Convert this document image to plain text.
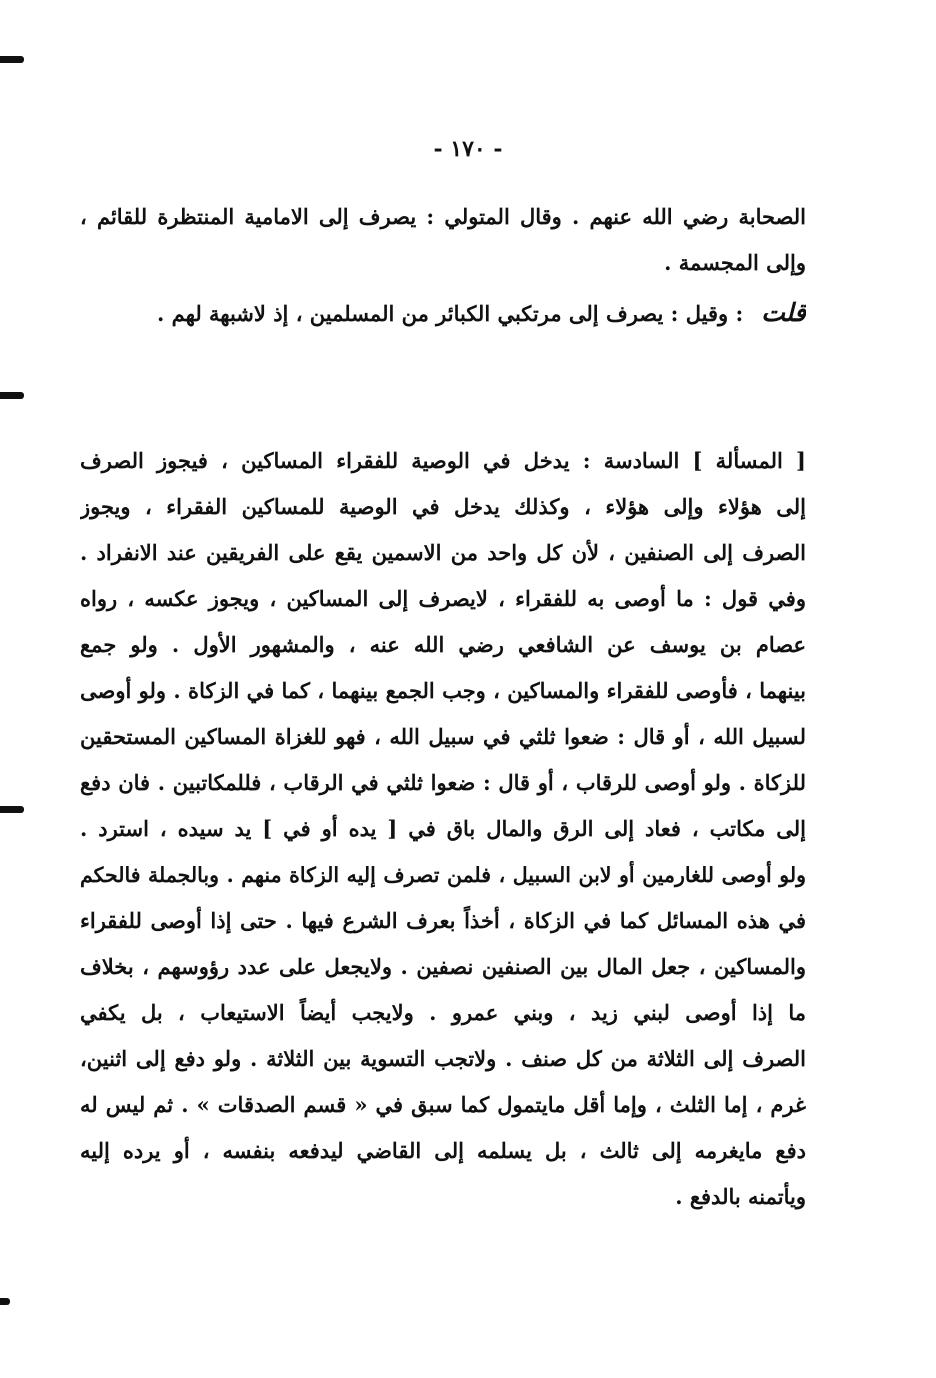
- ١٧٠ -
الصحابة رضي الله عنهم . وقال المتولي : يصرف إلى الامامية المنتظرة للقائم ،
وإلى المجسمة .
قلت: وقيل : يصرف إلى مرتكبي الكبائر من المسلمين ، إذ لاشبهة لهم .
[ المسألة ] السادسة : يدخل في الوصية للفقراء المساكين ، فيجوز الصرف
إلى هؤلاء وإلى هؤلاء ، وكذلك يدخل في الوصية للمساكين الفقراء ، ويجوز
الصرف إلى الصنفين ، لأن كل واحد من الاسمين يقع على الفريقين عند الانفراد .
وفي قول : ما أوصى به للفقراء ، لايصرف إلى المساكين ، ويجوز عكسه ، رواه
عصام بن يوسف عن الشافعي رضي الله عنه ، والمشهور الأول . ولو جمع
بينهما ، فأوصى للفقراء والمساكين ، وجب الجمع بينهما ، كما في الزكاة . ولو أوصى
لسبيل الله ، أو قال : ضعوا ثلثي في سبيل الله ، فهو للغزاة المساكين المستحقين
للزكاة . ولو أوصى للرقاب ، أو قال : ضعوا ثلثي في الرقاب ، فللمكاتبين . فان دفع
إلى مكاتب ، فعاد إلى الرق والمال باق في [ يده أو في ] يد سيده ، استرد .
ولو أوصى للغارمين أو لابن السبيل ، فلمن تصرف إليه الزكاة منهم . وبالجملة فالحكم
في هذه المسائل كما في الزكاة ، أخذاً بعرف الشرع فيها . حتى إذا أوصى للفقراء
والمساكين ، جعل المال بين الصنفين نصفين . ولايجعل على عدد رؤوسهم ، بخلاف
ما إذا أوصى لبني زيد ، وبني عمرو . ولايجب أيضاً الاستيعاب ، بل يكفي
الصرف إلى الثلاثة من كل صنف . ولاتجب التسوية بين الثلاثة . ولو دفع إلى اثنين،
غرم ، إما الثلث ، وإما أقل مايتمول كما سبق في « قسم الصدقات » . ثم ليس له
دفع مايغرمه إلى ثالث ، بل يسلمه إلى القاضي ليدفعه بنفسه ، أو يرده إليه
ويأتمنه بالدفع .
